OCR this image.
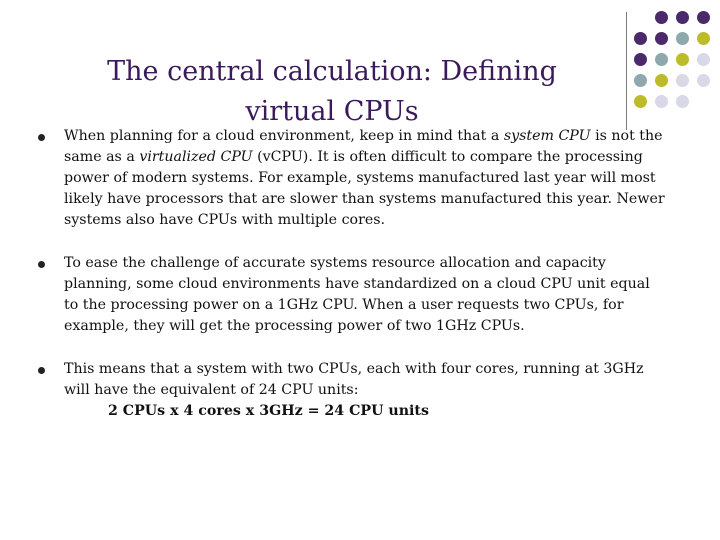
The central calculation: Defining
virtual CPUs
When planning for a cloud environment, keep in mind that a system CPU is not the same as a virtualized CPU (vCPU). It is often difficult to compare the processing power of modern systems. For example, systems manufactured last year will most likely have processors that are slower than systems manufactured this year. Newer systems also have CPUs with multiple cores.
To ease the challenge of accurate systems resource allocation and capacity planning, some cloud environments have standardized on a cloud CPU unit equal to the processing power on a 1GHz CPU. When a user requests two CPUs, for example, they will get the processing power of two 1GHz CPUs.
This means that a system with two CPUs, each with four cores, running at 3GHz will have the equivalent of 24 CPU units:
2 CPUs x 4 cores x 3GHz = 24 CPU units
